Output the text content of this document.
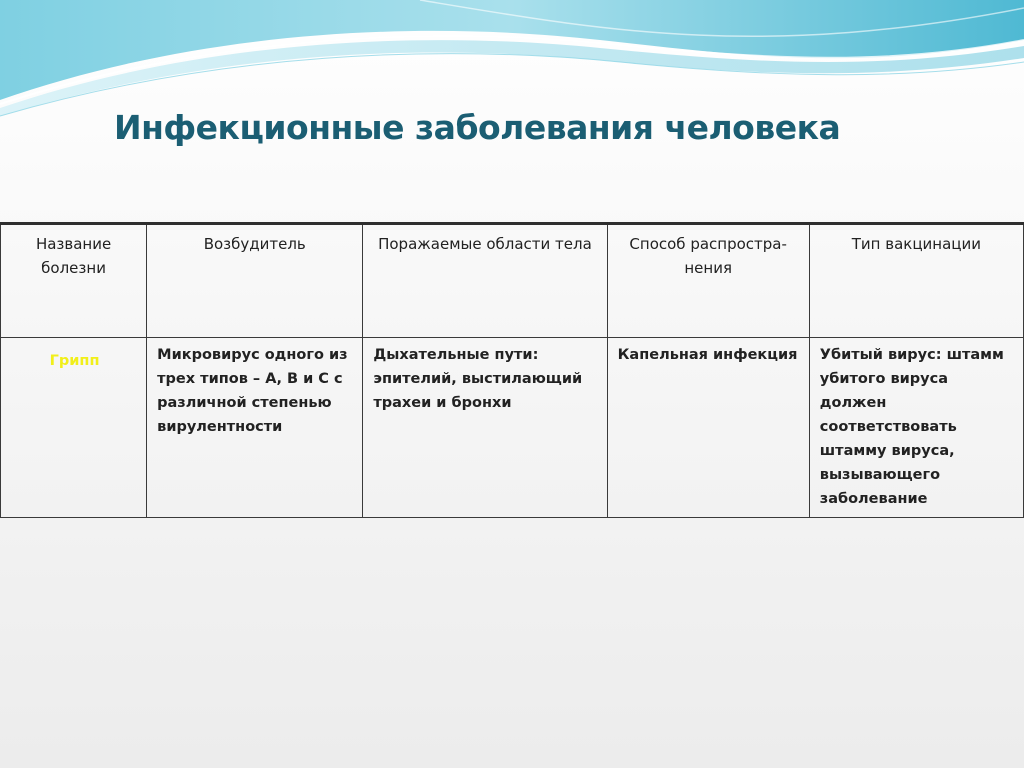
Инфекционные заболевания человека
Название болезни	Возбудитель	Поражаемые области тела	Способ распростра-нения	Тип вакцинации
Грипп	Микровирус одного из трех типов – А, В и С с различной степенью вирулентности	Дыхательные пути: эпителий, выстилающий трахеи и бронхи	Капельная инфекция	Убитый вирус: штамм убитого вируса должен соответствовать штамму вируса, вызывающего заболевание
